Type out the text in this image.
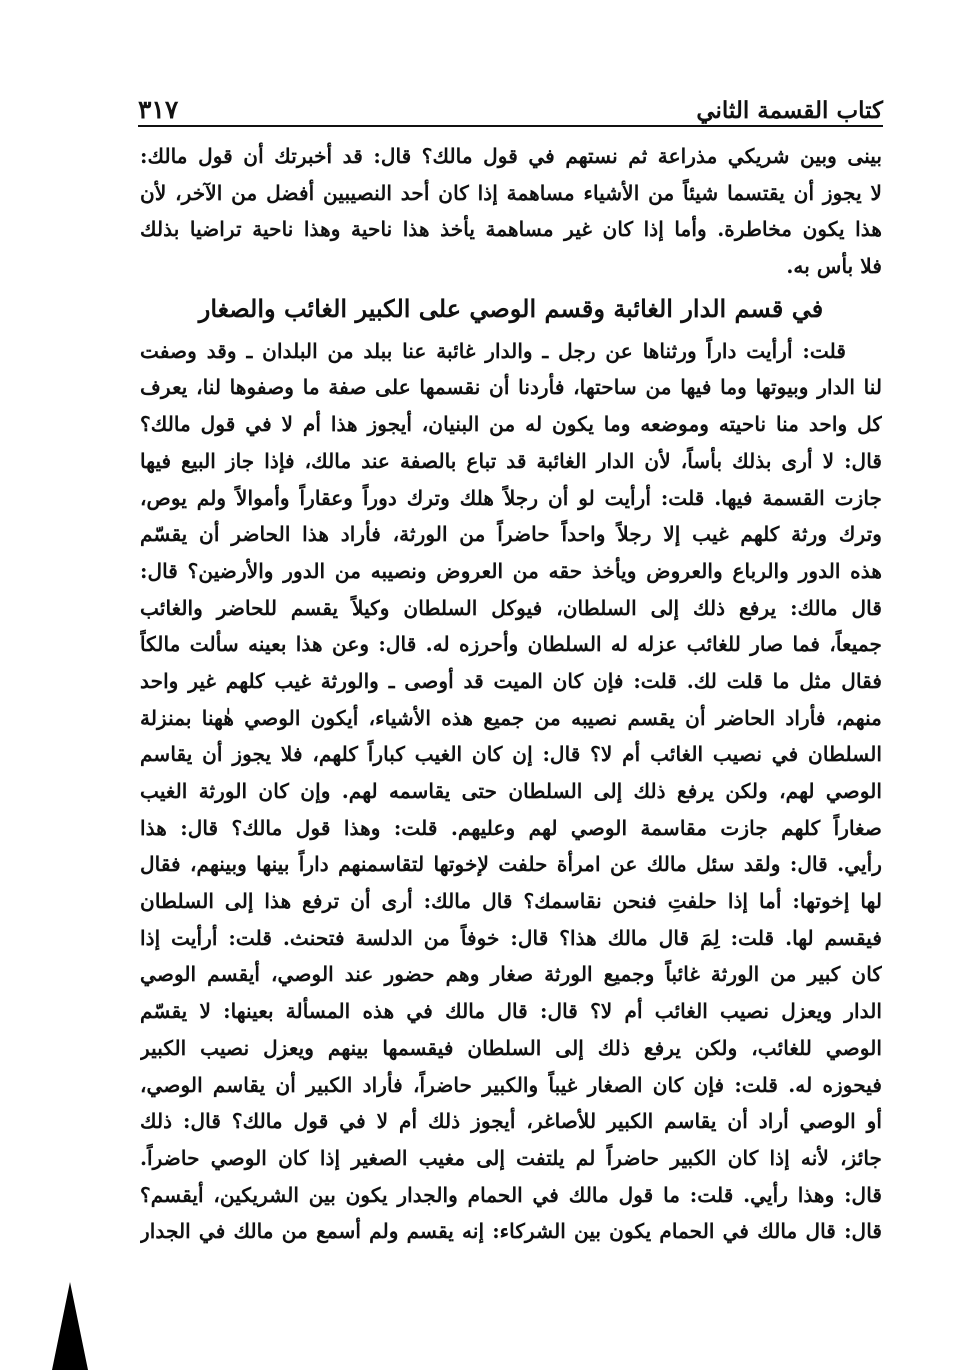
كتاب القسمة الثاني
٣١٧
بينى وبين شريكي مذراعة ثم نستهم في قول مالك؟ قال: قد أخبرتك أن قول مالك:
لا يجوز أن يقتسما شيئاً من الأشياء مساهمة إذا كان أحد النصيبين أفضل من الآخر، لأن
هذا يكون مخاطرة. وأما إذا كان غير مساهمة يأخذ هذا ناحية وهذا ناحية تراضيا بذلك
فلا بأس به.
في قسم الدار الغائبة وقسم الوصي على الكبير الغائب والصغار
قلت: أرأيت داراً ورثناها عن رجل ـ والدار غائبة عنا ببلد من البلدان ـ وقد وصفت
لنا الدار وبيوتها وما فيها من ساحتها، فأردنا أن نقسمها على صفة ما وصفوها لنا، يعرف
كل واحد منا ناحيته وموضعه وما يكون له من البنيان، أيجوز هذا أم لا في قول مالك؟
قال: لا أرى بذلك بأساً، لأن الدار الغائبة قد تباع بالصفة عند مالك، فإذا جاز البيع فيها
جازت القسمة فيها. قلت: أرأيت لو أن رجلاً هلك وترك دوراً وعقاراً وأموالاً ولم يوص،
وترك ورثة كلهم غيب إلا رجلاً واحداً حاضراً من الورثة، فأراد هذا الحاضر أن يقسّم
هذه الدور والرباع والعروض ويأخذ حقه من العروض ونصيبه من الدور والأرضين؟ قال:
قال مالك: يرفع ذلك إلى السلطان، فيوكل السلطان وكيلاً يقسم للحاضر والغائب
جميعاً، فما صار للغائب عزله له السلطان وأحرزه له. قال: وعن هذا بعينه سألت مالكاً
فقال مثل ما قلت لك. قلت: فإن كان الميت قد أوصى ـ والورثة غيب كلهم غير واحد
منهم، فأراد الحاضر أن يقسم نصيبه من جميع هذه الأشياء، أيكون الوصي هٰهنا بمنزلة
السلطان في نصيب الغائب أم لا؟ قال: إن كان الغيب كباراً كلهم، فلا يجوز أن يقاسم
الوصي لهم، ولكن يرفع ذلك إلى السلطان حتى يقاسمه لهم. وإن كان الورثة الغيب
صغاراً كلهم جازت مقاسمة الوصي لهم وعليهم. قلت: وهذا قول مالك؟ قال: هذا
رأيي. قال: ولقد سئل مالك عن امرأة حلفت لإخوتها لتقاسمنهم داراً بينها وبينهم، فقال
لها إخوتها: أما إذا حلفتِ فنحن نقاسمك؟ قال مالك: أرى أن ترفع هذا إلى السلطان
فيقسم لها. قلت: لِمَ قال مالك هذا؟ قال: خوفاً من الدلسة فتحنث. قلت: أرأيت إذا
كان كبير من الورثة غائباً وجميع الورثة صغار وهم حضور عند الوصي، أيقسم الوصي
الدار ويعزل نصيب الغائب أم لا؟ قال: قال مالك في هذه المسألة بعينها: لا يقسّم
الوصي للغائب، ولكن يرفع ذلك إلى السلطان فيقسمها بينهم ويعزل نصيب الكبير
فيحوزه له. قلت: فإن كان الصغار غيباً والكبير حاضراً، فأراد الكبير أن يقاسم الوصي،
أو الوصي أراد أن يقاسم الكبير للأصاغر، أيجوز ذلك أم لا في قول مالك؟ قال: ذلك
جائز، لأنه إذا كان الكبير حاضراً لم يلتفت إلى مغيب الصغير إذا كان الوصي حاضراً.
قال: وهذا رأيي. قلت: ما قول مالك في الحمام والجدار يكون بين الشريكين، أيقسم؟
قال: قال مالك في الحمام يكون بين الشركاء: إنه يقسم ولم أسمع من مالك في الجدار
